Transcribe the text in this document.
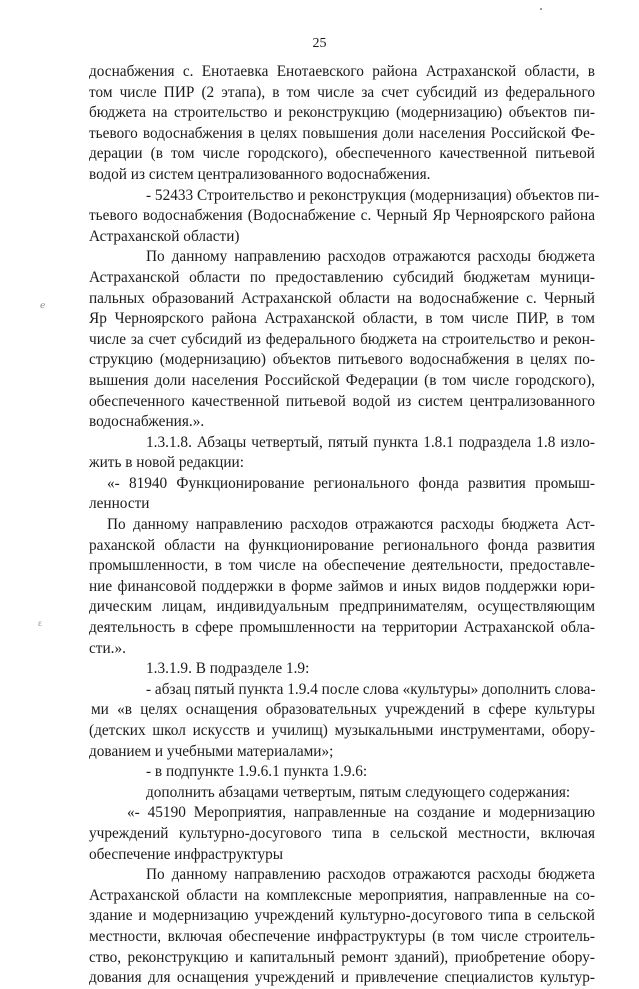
25
ℯ
ɛ
доснабжения с. Енотаевка Енотаевского района Астраханской области, в
том числе ПИР (2 этапа), в том числе за счет субсидий из федерального
бюджета на строительство и реконструкцию (модернизацию) объектов пи-
тьевого водоснабжения в целях повышения доли населения Российской Фе-
дерации (в том числе городского), обеспеченного качественной питьевой
водой из систем централизованного водоснабжения.
- 52433 Строительство и реконструкция (модернизация) объектов пи-
тьевого водоснабжения (Водоснабжение с. Черный Яр Черноярского района
Астраханской области)
По данному направлению расходов отражаются расходы бюджета
Астраханской области по предоставлению субсидий бюджетам муници-
пальных образований Астраханской области на водоснабжение с. Черный
Яр Черноярского района Астраханской области, в том числе ПИР, в том
числе за счет субсидий из федерального бюджета на строительство и рекон-
струкцию (модернизацию) объектов питьевого водоснабжения в целях по-
вышения доли населения Российской Федерации (в том числе городского),
обеспеченного качественной питьевой водой из систем централизованного
водоснабжения.».
1.3.1.8. Абзацы четвертый, пятый пункта 1.8.1 подраздела 1.8 изло-
жить в новой редакции:
«- 81940 Функционирование регионального фонда развития промыш-
ленности
По данному направлению расходов отражаются расходы бюджета Аст-
раханской области на функционирование регионального фонда развития
промышленности, в том числе на обеспечение деятельности, предоставле-
ние финансовой поддержки в форме займов и иных видов поддержки юри-
дическим лицам, индивидуальным предпринимателям, осуществляющим
деятельность в сфере промышленности на территории Астраханской обла-
сти.».
1.3.1.9. В подразделе 1.9:
- абзац пятый пункта 1.9.4 после слова «культуры» дополнить слова-
ми «в целях оснащения образовательных учреждений в сфере культуры
(детских школ искусств и училищ) музыкальными инструментами, обору-
дованием и учебными материалами»;
- в подпункте 1.9.6.1 пункта 1.9.6:
дополнить абзацами четвертым, пятым следующего содержания:
«- 45190 Мероприятия, направленные на создание и модернизацию
учреждений культурно-досугового типа в сельской местности, включая
обеспечение инфраструктуры
По данному направлению расходов отражаются расходы бюджета
Астраханской области на комплексные мероприятия, направленные на со-
здание и модернизацию учреждений культурно-досугового типа в сельской
местности, включая обеспечение инфраструктуры (в том числе строитель-
ство, реконструкцию и капитальный ремонт зданий), приобретение обору-
дования для оснащения учреждений и привлечение специалистов культур-
